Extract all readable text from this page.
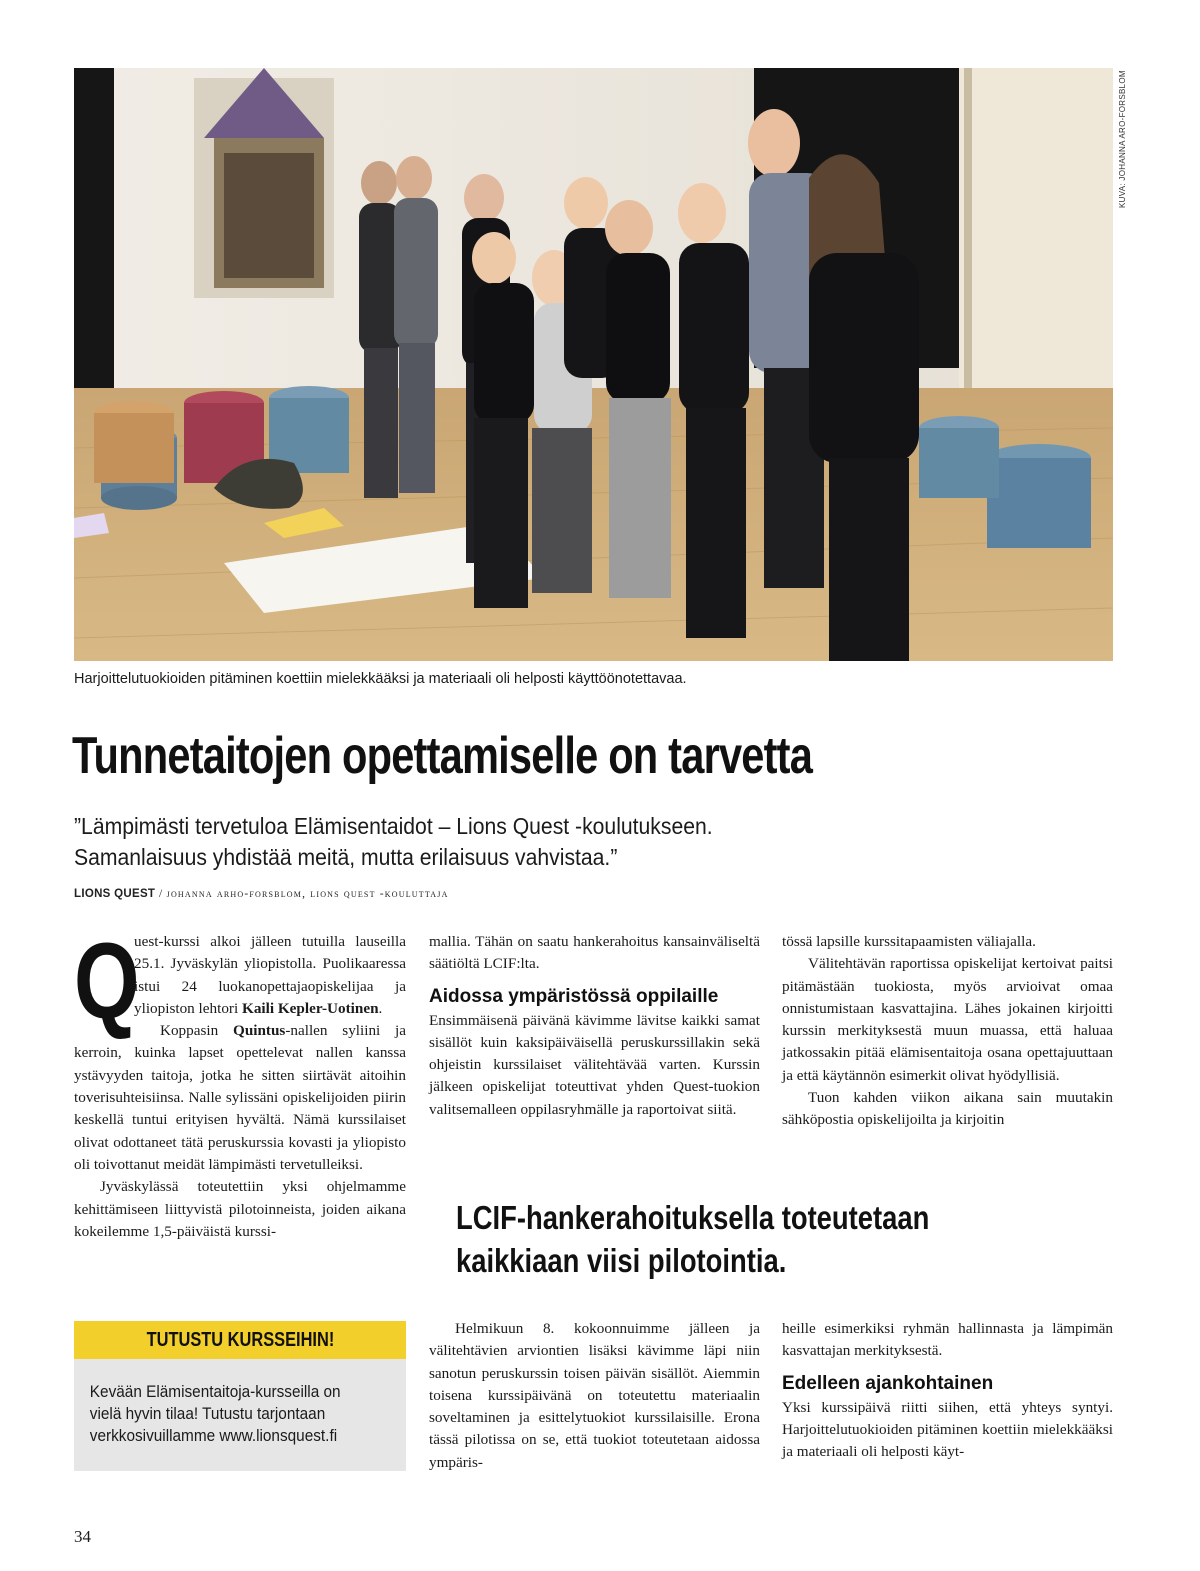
KUVA: JOHANNA ARO-FORSBLOM
Harjoittelutuokioiden pitäminen koettiin mielekkääksi ja materiaali oli helposti käyttöönotettavaa.
Tunnetaitojen opettamiselle on tarvetta
”Lämpimästi tervetuloa Elämisentaidot – Lions Quest -koulutukseen. Samanlaisuus yhdistää meitä, mutta erilaisuus vahvistaa.”
LIONS QUEST / johanna arho-forsblom, lions quest -kouluttaja

Q
uest-kurssi alkoi jälleen tutuilla lauseilla 25.1. Jyväskylän yliopistolla. Puolikaaressa istui 24 luokanopettajaopiskelijaa ja yliopiston lehtori Kaili Kepler-Uotinen.

Koppasin Quintus-nallen syliini ja kerroin, kuinka lapset opettelevat nallen kanssa ystävyyden taitoja, jotka he sitten siirtävät aitoihin toverisuhteisiinsa. Nalle sylissäni opiskelijoiden piirin keskellä tuntui erityisen hyvältä. Nämä kurssilaiset olivat odottaneet tätä peruskurssia kovasti ja yliopisto oli toivottanut meidät lämpimästi tervetulleiksi.

Jyväskylässä toteutettiin yksi ohjelmamme kehittämiseen liittyvistä pilotoinneista, joiden aikana kokeilemme 1,5-päiväistä kurssi-

mallia. Tähän on saatu hankerahoitus kansainväliseltä säätiöltä LCIF:lta.

Aidossa ympäristössä oppilaille

Ensimmäisenä päivänä kävimme lävitse kaikki samat sisällöt kuin kaksipäiväisellä peruskurssillakin sekä ohjeistin kurssilaiset välitehtävää varten. Kurssin jälkeen opiskelijat toteuttivat yhden Quest-tuokion valitsemalleen oppilasryhmälle ja raportoivat siitä.

tössä lapsille kurssitapaamisten väliajalla.

Välitehtävän raportissa opiskelijat kertoivat paitsi pitämästään tuokiosta, myös arvioivat omaa onnistumistaan kasvattajina. Lähes jokainen kirjoitti kurssin merkityksestä muun muassa, että haluaa jatkossakin pitää elämisentaitoja osana opettajuuttaan ja että käytännön esimerkit olivat hyödyllisiä.

Tuon kahden viikon aikana sain muutakin sähköpostia opiskelijoilta ja kirjoitin

LCIF-hankerahoituksella toteutetaan kaikkiaan viisi pilotointia.

Helmikuun 8. kokoonnuimme jälleen ja välitehtävien arviontien lisäksi kävimme läpi niin sanotun peruskurssin toisen päivän sisällöt. Aiemmin toisena kurssipäivänä on toteutettu materiaalin soveltaminen ja esittelytuokiot kurssilaisille. Erona tässä pilotissa on se, että tuokiot toteutetaan aidossa ympäris-

heille esimerkiksi ryhmän hallinnasta ja lämpimän kasvattajan merkityksestä.

Edelleen ajankohtainen

Yksi kurssipäivä riitti siihen, että yhteys syntyi. Harjoittelutuokioiden pitäminen koettiin mielekkääksi ja materiaali oli helposti käyt-

TUTUSTU KURSSEIHIN!
Kevään Elämisentaitoja-kursseilla on vielä hyvin tilaa! Tutustu tarjontaan verkkosivuillamme www.lionsquest.fi
34
